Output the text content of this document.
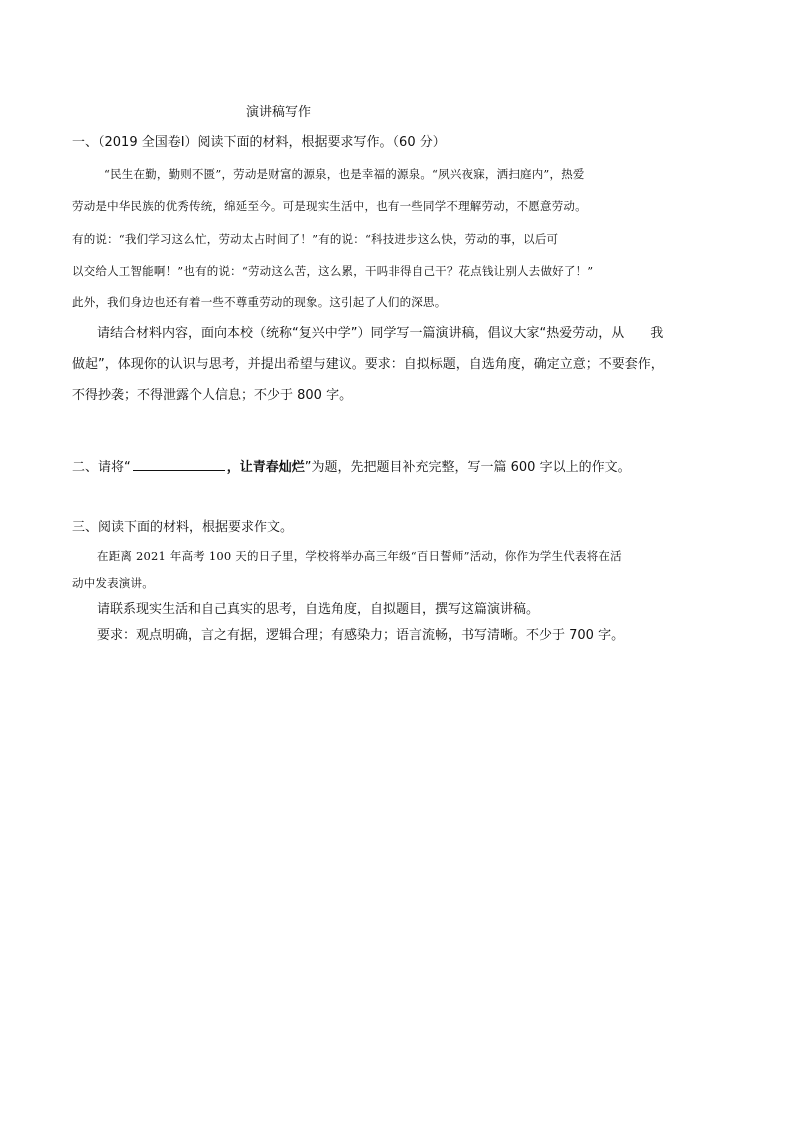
演讲稿写作
一、（2019 全国卷Ⅰ）阅读下面的材料，根据要求写作。（60 分）
“民生在勤，勤则不匮”，劳动是财富的源泉，也是幸福的源泉。“夙兴夜寐，洒扫庭内”，热爱
劳动是中华民族的优秀传统，绵延至今。可是现实生活中，也有一些同学不理解劳动，不愿意劳动。
有的说：“我们学习这么忙，劳动太占时间了！”有的说：“科技进步这么快，劳动的事，以后可
以交给人工智能啊！”也有的说：“劳动这么苦，这么累，干吗非得自己干？花点钱让别人去做好了！”
此外，我们身边也还有着一些不尊重劳动的现象。这引起了人们的深思。
请结合材料内容，面向本校（统称“复兴中学”）同学写一篇演讲稿，倡议大家“热爱劳动，从　　我
做起”，体现你的认识与思考，并提出希望与建议。要求：自拟标题，自选角度，确定立意；不要套作，
不得抄袭；不得泄露个人信息；不少于 800 字。
二、请将“	，让青春灿烂”为题，先把题目补充完整，写一篇 600 字以上的作文。
三、阅读下面的材料，根据要求作文。
在距离 2021 年高考 100 天的日子里，学校将举办高三年级“百日誓师”活动，你作为学生代表将在活
动中发表演讲。
请联系现实生活和自己真实的思考，自选角度，自拟题目，撰写这篇演讲稿。
要求：观点明确，言之有据，逻辑合理；有感染力；语言流畅，书写清晰。不少于 700 字。
